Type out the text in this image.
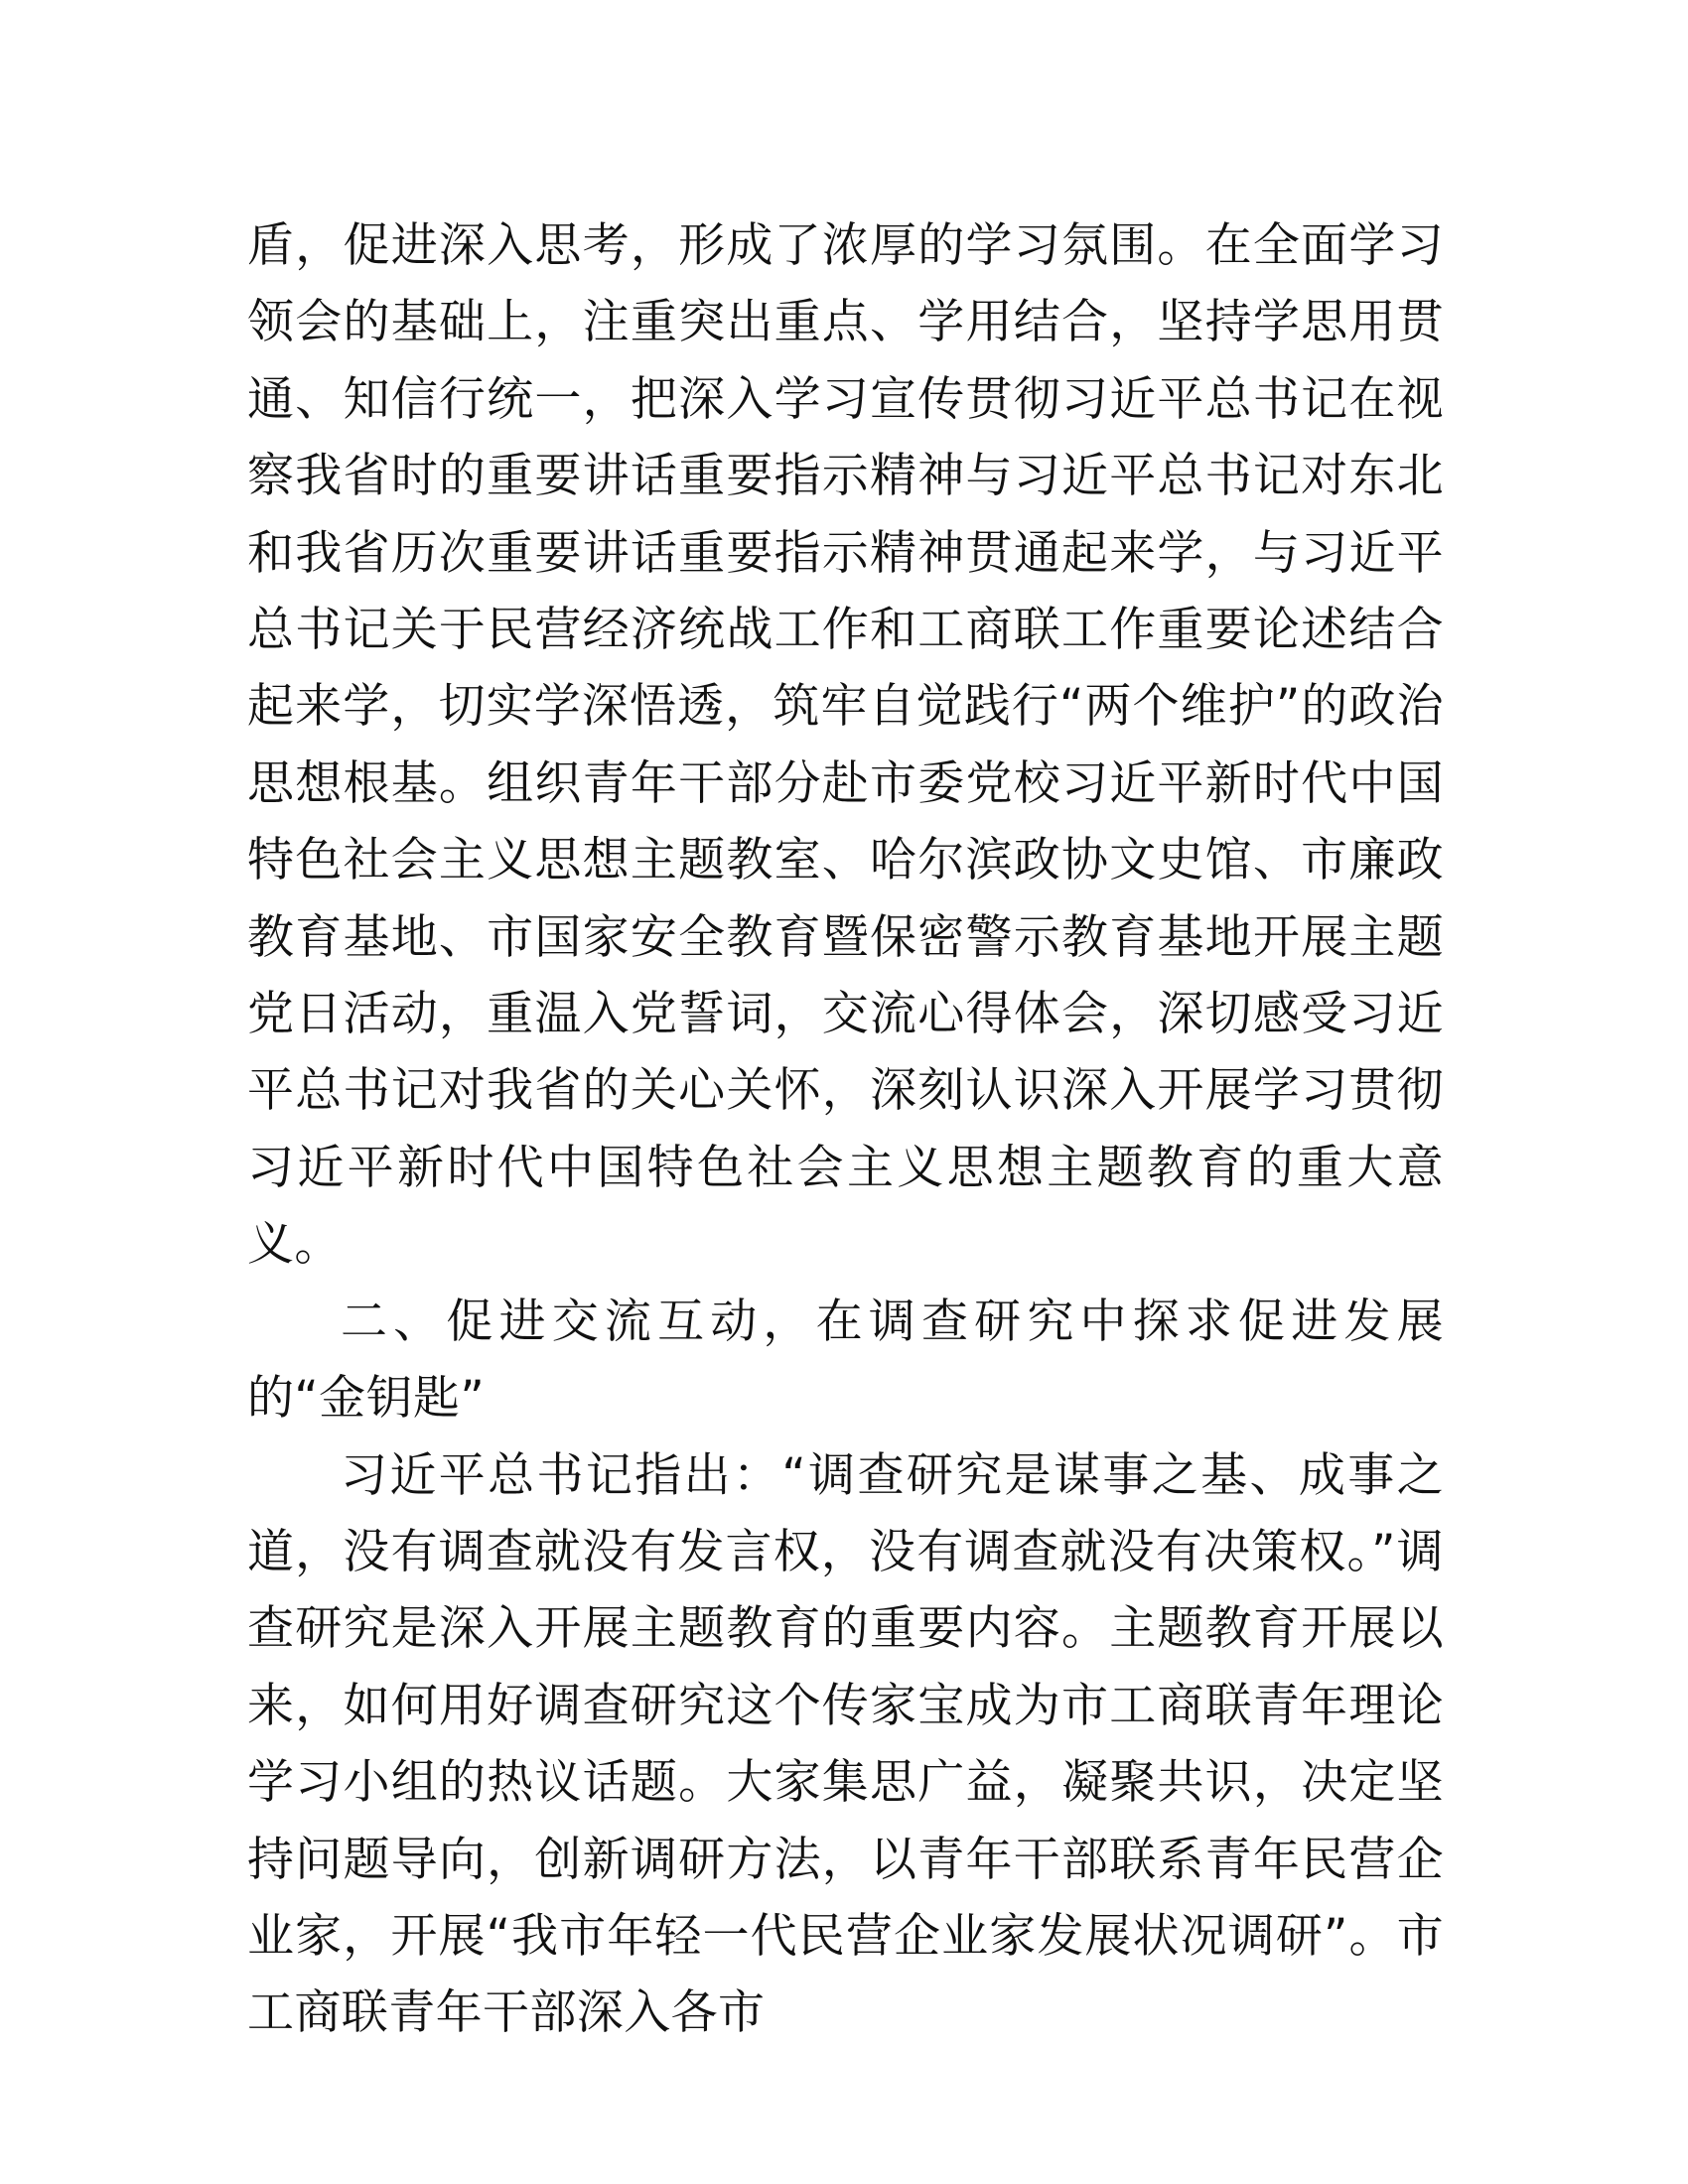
盾，促进深入思考，形成了浓厚的学习氛围。在全面学习领会的基础上，注重突出重点、学用结合，坚持学思用贯通、知信行统一，把深入学习宣传贯彻习近平总书记在视察我省时的重要讲话重要指示精神与习近平总书记对东北和我省历次重要讲话重要指示精神贯通起来学，与习近平总书记关于民营经济统战工作和工商联工作重要论述结合起来学，切实学深悟透，筑牢自觉践行“两个维护”的政治思想根基。组织青年干部分赴市委党校习近平新时代中国特色社会主义思想主题教室、哈尔滨政协文史馆、市廉政教育基地、市国家安全教育暨保密警示教育基地开展主题党日活动，重温入党誓词，交流心得体会，深切感受习近平总书记对我省的关心关怀，深刻认识深入开展学习贯彻习近平新时代中国特色社会主义思想主题教育的重大意义。

二、促进交流互动，在调查研究中探求促进发展的“金钥匙”

习近平总书记指出：“调查研究是谋事之基、成事之道，没有调查就没有发言权，没有调查就没有决策权。”调查研究是深入开展主题教育的重要内容。主题教育开展以来，如何用好调查研究这个传家宝成为市工商联青年理论学习小组的热议话题。大家集思广益，凝聚共识，决定坚持问题导向，创新调研方法，以青年干部联系青年民营企业家，开展“我市年轻一代民营企业家发展状况调研”。市工商联青年干部深入各市
